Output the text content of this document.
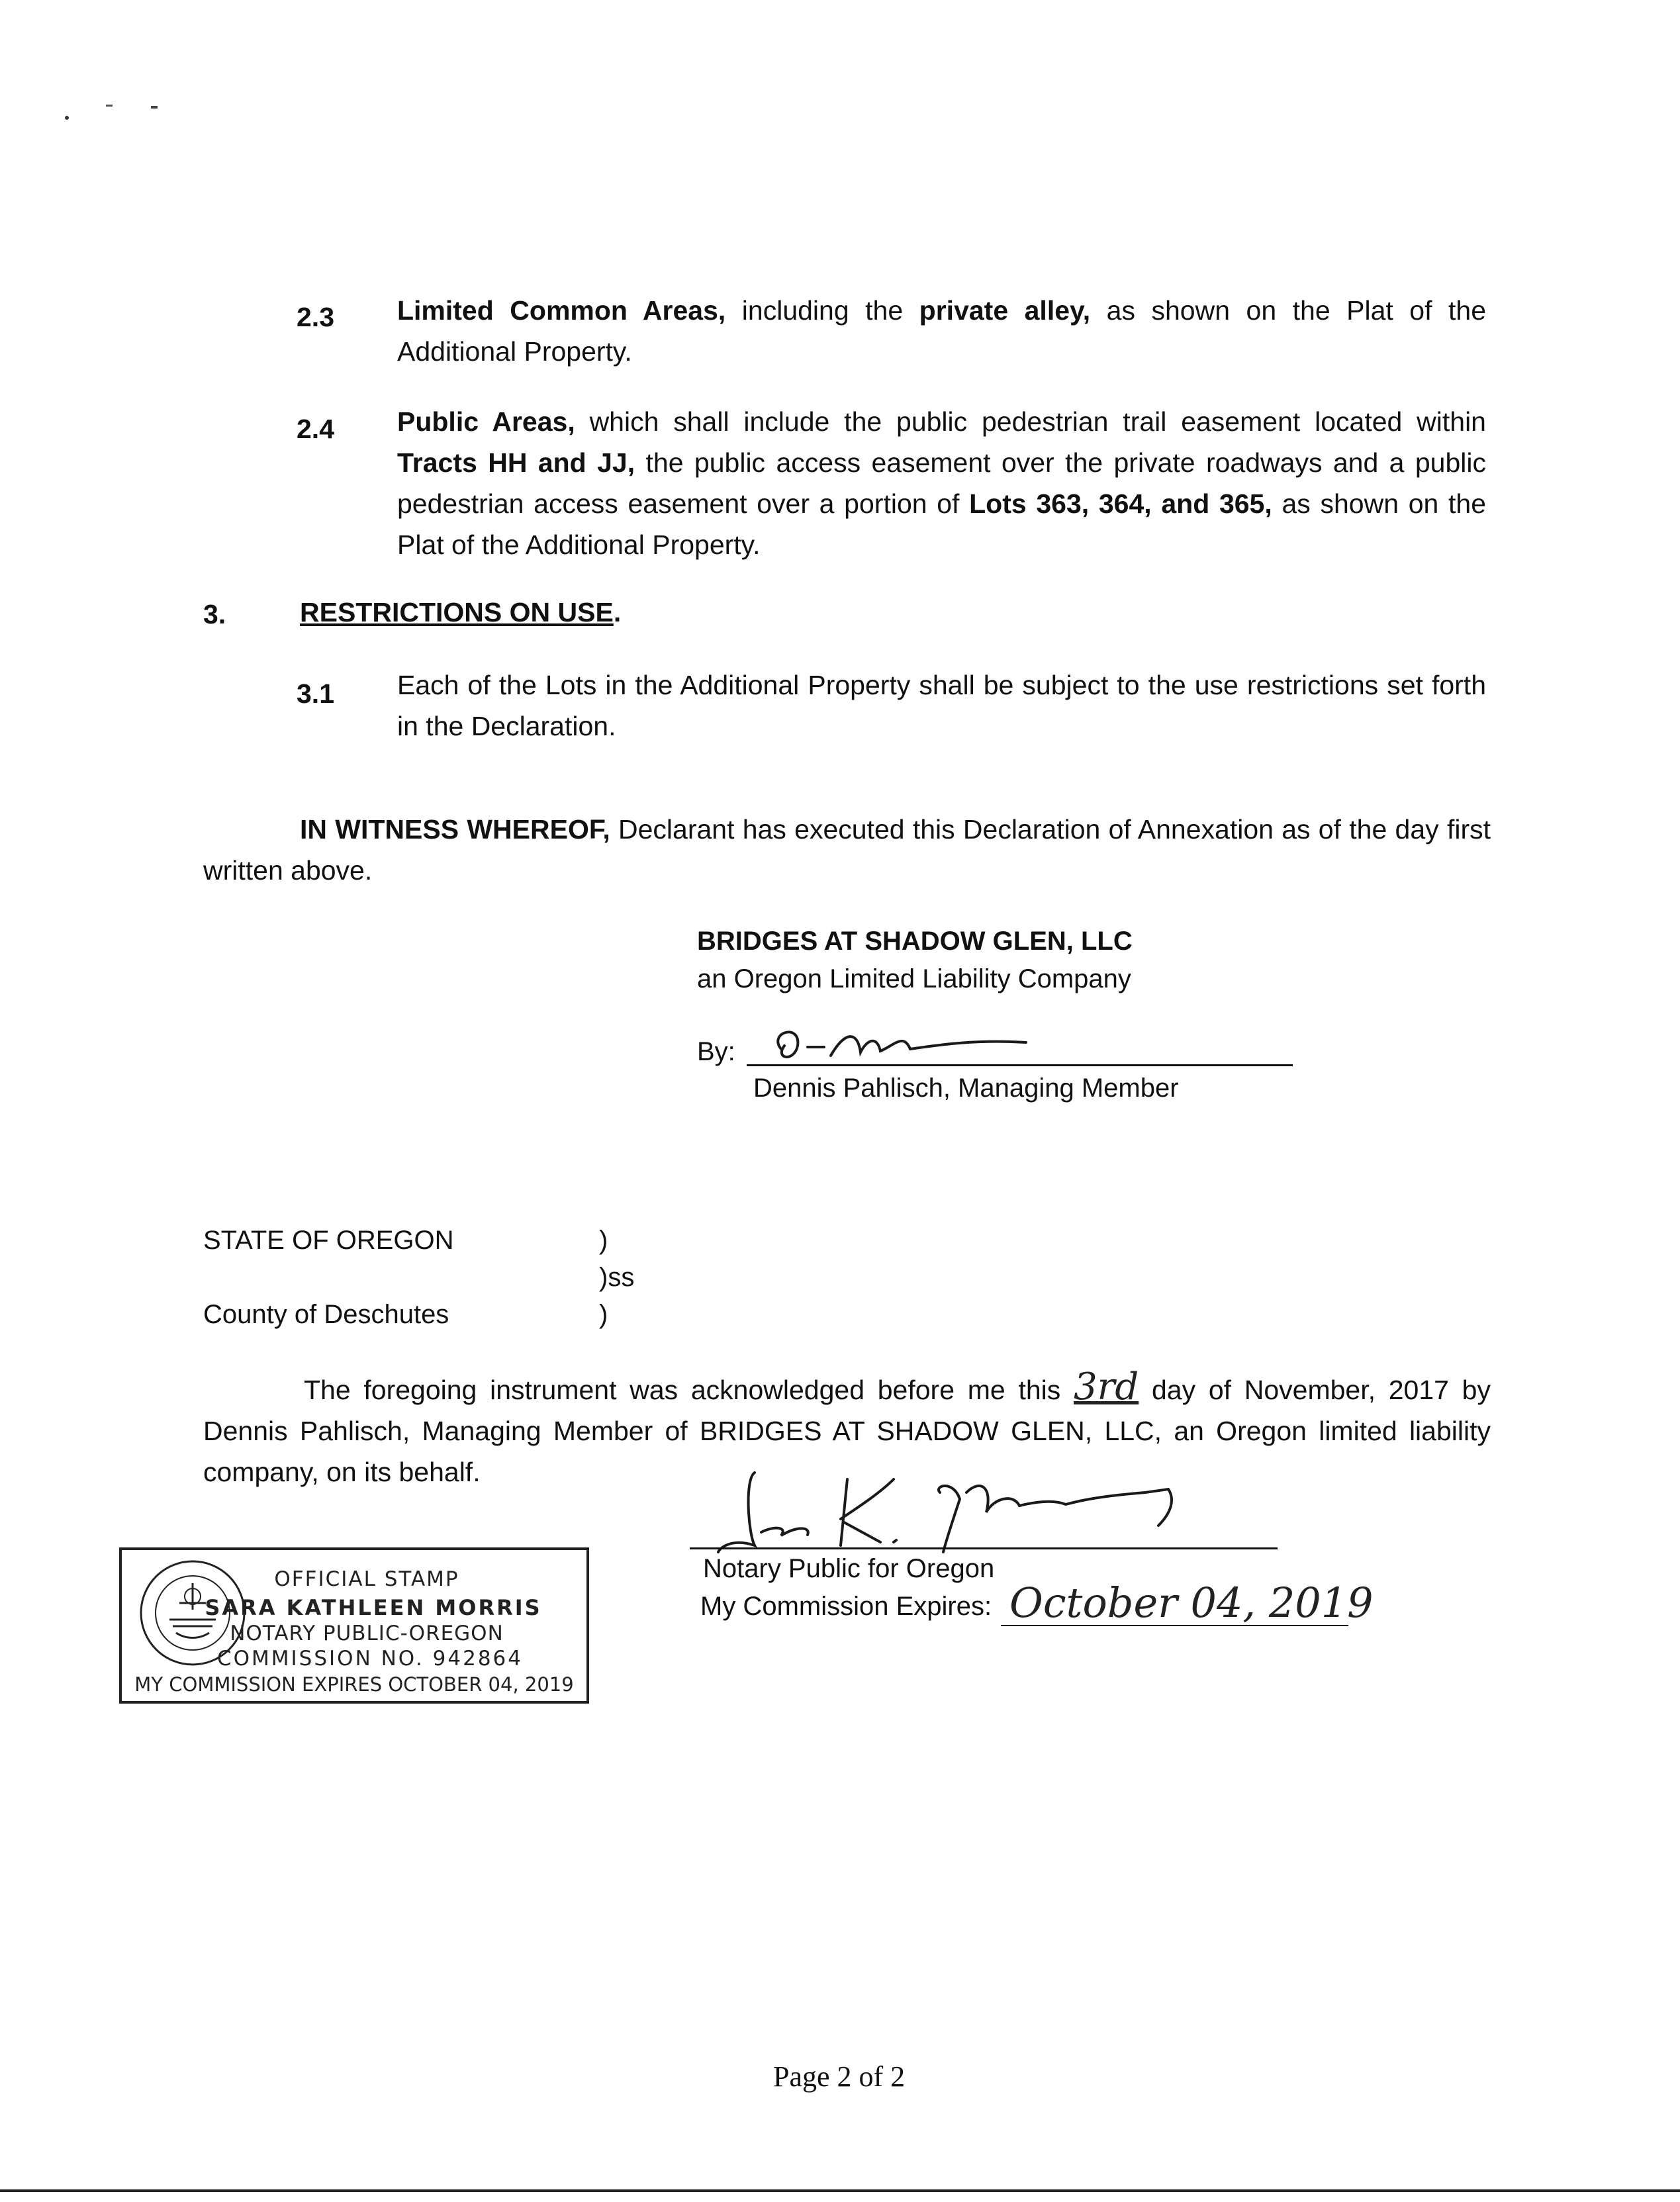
2.3 Limited Common Areas, including the private alley, as shown on the Plat of the Additional Property.
2.4 Public Areas, which shall include the public pedestrian trail easement located within Tracts HH and JJ, the public access easement over the private roadways and a public pedestrian access easement over a portion of Lots 363, 364, and 365, as shown on the Plat of the Additional Property.
3.	RESTRICTIONS ON USE.
3.1 Each of the Lots in the Additional Property shall be subject to the use restrictions set forth in the Declaration.
IN WITNESS WHEREOF, Declarant has executed this Declaration of Annexation as of the day first written above.
BRIDGES AT SHADOW GLEN, LLC
an Oregon Limited Liability Company
By:
Dennis Pahlisch, Managing Member
STATE OF OREGON	)
)ss
County of Deschutes	)
The foregoing instrument was acknowledged before me this 3rd day of November, 2017 by Dennis Pahlisch, Managing Member of BRIDGES AT SHADOW GLEN, LLC, an Oregon limited liability company, on its behalf.
Notary Public for Oregon
My Commission Expires: October 04, 2019
OFFICIAL STAMP
SARA KATHLEEN MORRIS
NOTARY PUBLIC-OREGON
COMMISSION NO. 942864
MY COMMISSION EXPIRES OCTOBER 04, 2019
Page 2 of 2
